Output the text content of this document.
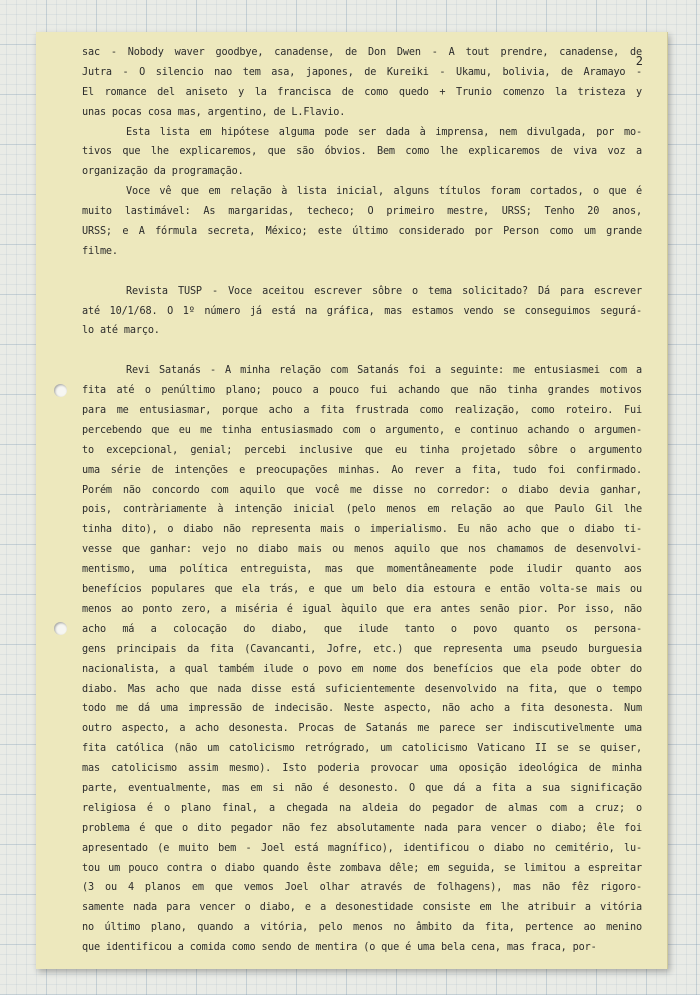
2
sac - Nobody waver goodbye, canadense, de Don Dwen - A tout prendre, canadense, de
Jutra - O silencio nao tem asa, japones, de Kureiki - Ukamu, bolivia, de Aramayo -
El romance del aniseto y la francisca de como quedo + Trunio comenzo la tristeza y
unas pocas cosa mas, argentino, de L.Flavio.
Esta lista em hipótese alguma pode ser dada à imprensa, nem divulgada, por mo-
tivos que lhe explicaremos, que são óbvios. Bem como lhe explicaremos de viva voz a
organização da programação.
Voce vê que em relação à lista inicial, alguns títulos foram cortados, o que é
muito lastimável: As margaridas, techeco; O primeiro mestre, URSS; Tenho 20 anos,
URSS; e A fórmula secreta, México; este último considerado por Person como um grande
filme.
Revista TUSP - Voce aceitou escrever sôbre o tema solicitado? Dá para escrever
até 10/1/68. O 1º número já está na gráfica, mas estamos vendo se conseguimos segurá-
lo até março.
Revi Satanás - A minha relação com Satanás foi a seguinte: me entusiasmei com a
fita até o penúltimo plano; pouco a pouco fui achando que não tinha grandes motivos
para me entusiasmar, porque acho a fita frustrada como realização, como roteiro. Fui
percebendo que eu me tinha entusiasmado com o argumento, e continuo achando o argumen-
to excepcional, genial; percebi inclusive que eu tinha projetado sôbre o argumento
uma série de intenções e preocupações minhas. Ao rever a fita, tudo foi confirmado.
Porém não concordo com aquilo que você me disse no corredor: o diabo devia ganhar,
pois, contràriamente à intenção inicial (pelo menos em relação ao que Paulo Gil lhe
tinha dito), o diabo não representa mais o imperialismo. Eu não acho que o diabo ti-
vesse que ganhar: vejo no diabo mais ou menos aquilo que nos chamamos de desenvolvi-
mentismo, uma política entreguista, mas que momentâneamente pode iludir quanto aos
benefícios populares que ela trás, e que um belo dia estoura e então volta-se mais ou
menos ao ponto zero, a miséria é igual àquilo que era antes senão pior. Por isso, não
acho má a colocação do diabo, que ilude tanto o povo quanto os persona-
gens principais da fita (Cavancanti, Jofre, etc.) que representa uma pseudo burguesia
nacionalista, a qual também ilude o povo em nome dos benefícios que ela pode obter do
diabo. Mas acho que nada disse está suficientemente desenvolvido na fita, que o tempo
todo me dá uma impressão de indecisão. Neste aspecto, não acho a fita desonesta. Num
outro aspecto, a acho desonesta. Procas de Satanás me parece ser indiscutivelmente uma
fita católica (não um catolicismo retrógrado, um catolicismo Vaticano II se se quiser,
mas catolicismo assim mesmo). Isto poderia provocar uma oposição ideológica de minha
parte, eventualmente, mas em si não é desonesto. O que dá a fita a sua significação
religiosa é o plano final, a chegada na aldeia do pegador de almas com a cruz; o
problema é que o dito pegador não fez absolutamente nada para vencer o diabo; êle foi
apresentado (e muito bem - Joel está magnífico), identificou o diabo no cemitério, lu-
tou um pouco contra o diabo quando êste zombava dêle; em seguida, se limitou a espreitar
(3 ou 4 planos em que vemos Joel olhar através de folhagens), mas não fêz rigoro-
samente nada para vencer o diabo, e a desonestidade consiste em lhe atribuir a vitória
no último plano, quando a vitória, pelo menos no âmbito da fita, pertence ao menino
que identificou a comida como sendo de mentira (o que é uma bela cena, mas fraca, por-
